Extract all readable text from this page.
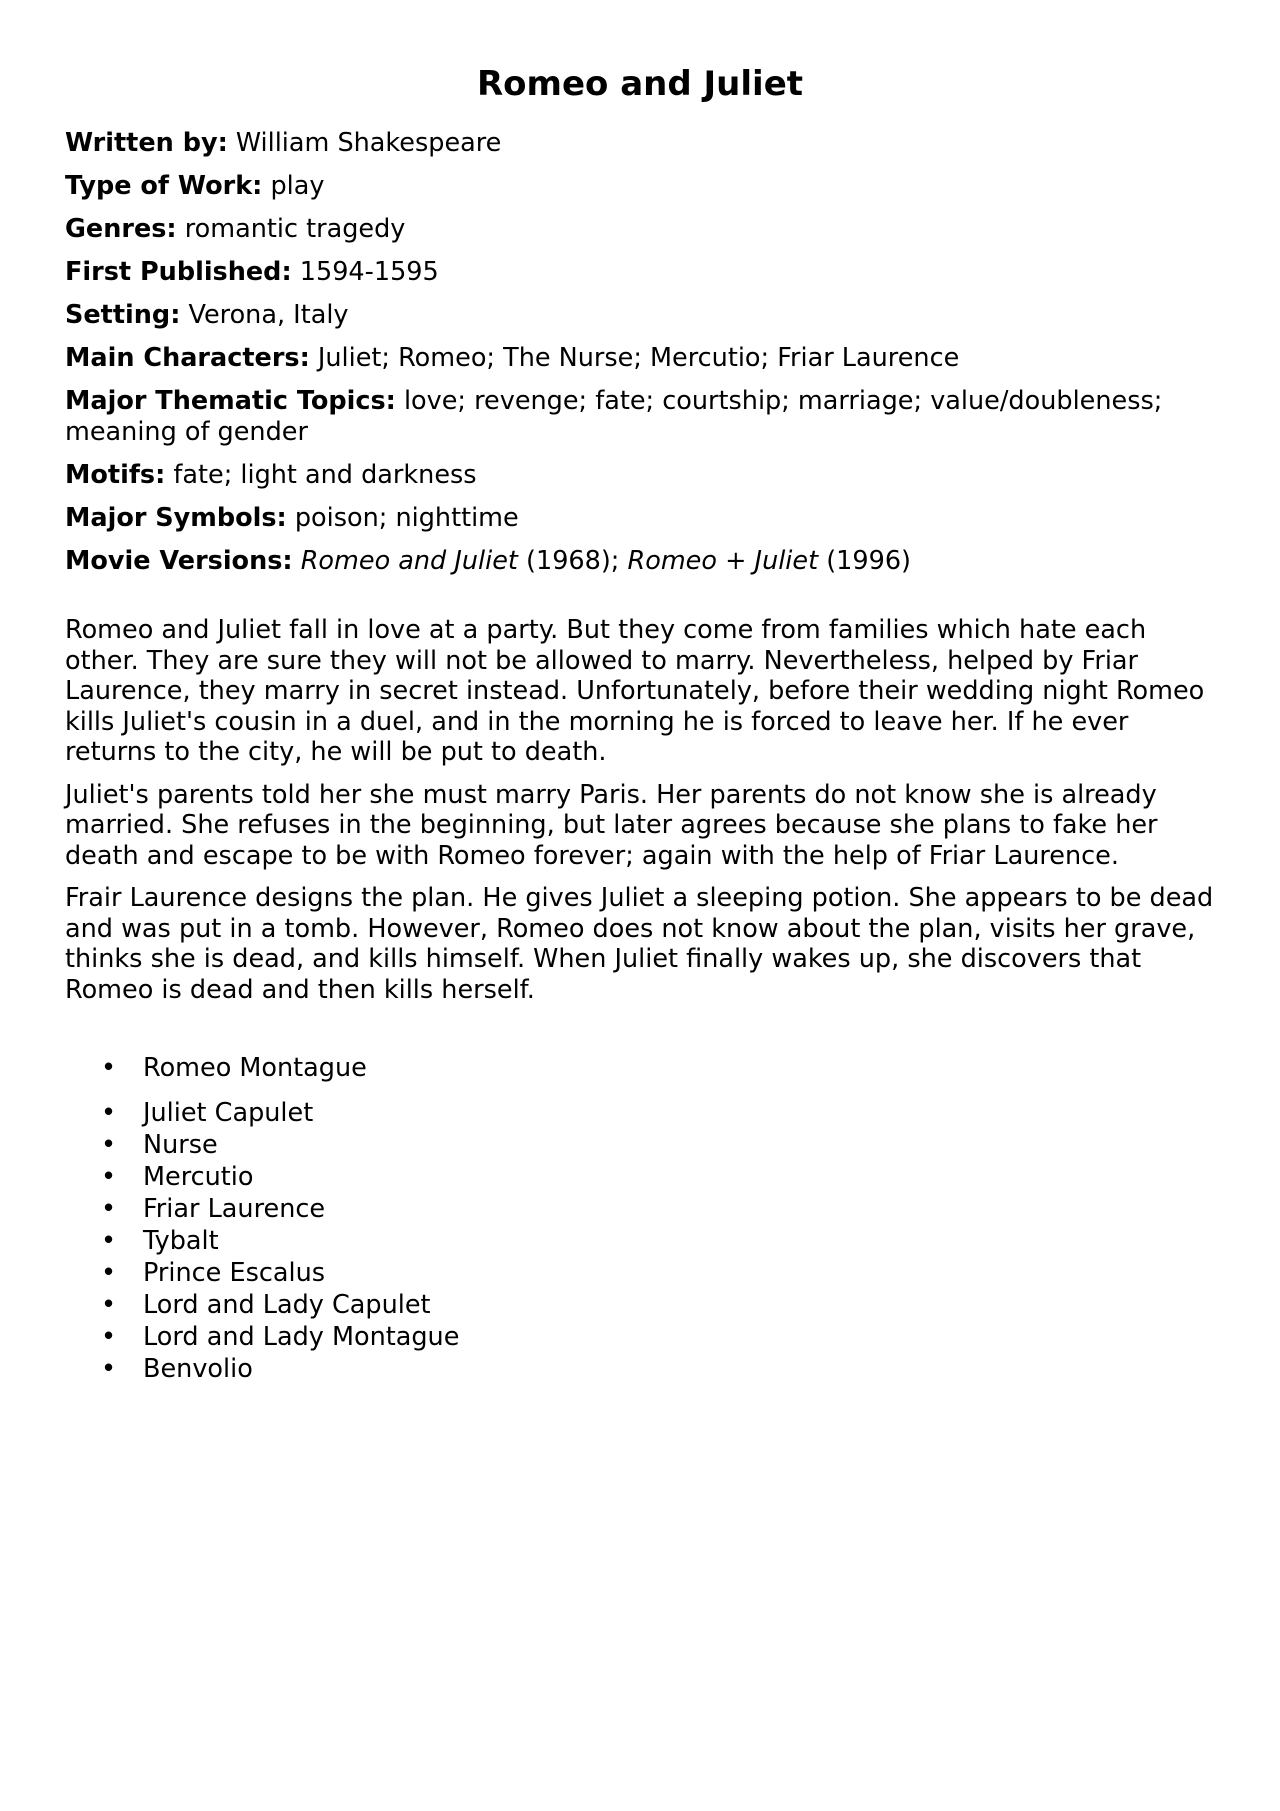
Romeo and Juliet

Written by: William Shakespeare

Type of Work: play

Genres: romantic tragedy

First Published: 1594-1595

Setting: Verona, Italy

Main Characters: Juliet; Romeo; The Nurse; Mercutio; Friar Laurence

Major Thematic Topics: love; revenge; fate; courtship; marriage; value/doubleness; meaning of gender

Motifs: fate; light and darkness

Major Symbols: poison; nighttime

Movie Versions: Romeo and Juliet (1968); Romeo + Juliet (1996)

Romeo and Juliet fall in love at a party. But they come from families which hate each other. They are sure they will not be allowed to marry. Nevertheless, helped by Friar Laurence, they marry in secret instead. Unfortunately, before their wedding night Romeo kills Juliet's cousin in a duel, and in the morning he is forced to leave her. If he ever returns to the city, he will be put to death.

Juliet's parents told her she must marry Paris. Her parents do not know she is already married. She refuses in the beginning, but later agrees because she plans to fake her death and escape to be with Romeo forever; again with the help of Friar Laurence.

Frair Laurence designs the plan. He gives Juliet a sleeping potion. She appears to be dead and was put in a tomb. However, Romeo does not know about the plan, visits her grave, thinks she is dead, and kills himself. When Juliet finally wakes up, she discovers that Romeo is dead and then kills herself.

• Romeo Montague
• Juliet Capulet
• Nurse
• Mercutio
• Friar Laurence
• Tybalt
• Prince Escalus
• Lord and Lady Capulet
• Lord and Lady Montague
• Benvolio
